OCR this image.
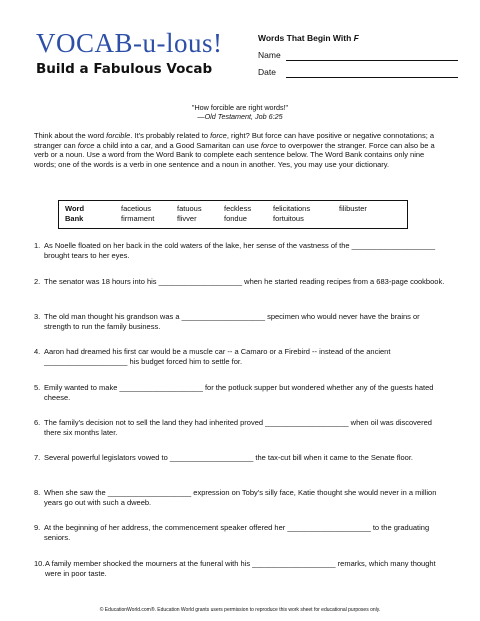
VOCAB-u-lous!
Build a Fabulous Vocab
Words That Begin With F
Name
Date
"How forcible are right words!"
—Old Testament, Job 6:25
Think about the word forcible. It's probably related to force, right? But force can have positive or negative connotations; a stranger can force a child into a car, and a Good Samaritan can use force to overpower the stranger. Force can also be a verb or a noun. Use a word from the Word Bank to complete each sentence below. The Word Bank contains only nine words; one of the words is a verb in one sentence and a noun in another. Yes, you may use your dictionary.
Word
Bank
facetious	fatuous	feckless	felicitations	filibuster
firmament	flivver	fondue	fortuitous
1. As Noelle floated on her back in the cold waters of the lake, her sense of the vastness of the ____________________ brought tears to her eyes.
2. The senator was 18 hours into his ____________________ when he started reading recipes from a 683-page cookbook.
3. The old man thought his grandson was a ____________________ specimen who would never have the brains or strength to run the family business.
4. Aaron had dreamed his first car would be a muscle car -- a Camaro or a Firebird -- instead of the ancient ____________________ his budget forced him to settle for.
5. Emily wanted to make ____________________ for the potluck supper but wondered whether any of the guests hated cheese.
6. The family's decision not to sell the land they had inherited proved ____________________ when oil was discovered there six months later.
7. Several powerful legislators vowed to ____________________ the tax-cut bill when it came to the Senate floor.
8. When she saw the ____________________ expression on Toby's silly face, Katie thought she would never in a million years go out with such a dweeb.
9. At the beginning of her address, the commencement speaker offered her ____________________ to the graduating seniors.
10. A family member shocked the mourners at the funeral with his ____________________ remarks, which many thought were in poor taste.
© EducationWorld.com®. Education World grants users permission to reproduce this work sheet for educational purposes only.
